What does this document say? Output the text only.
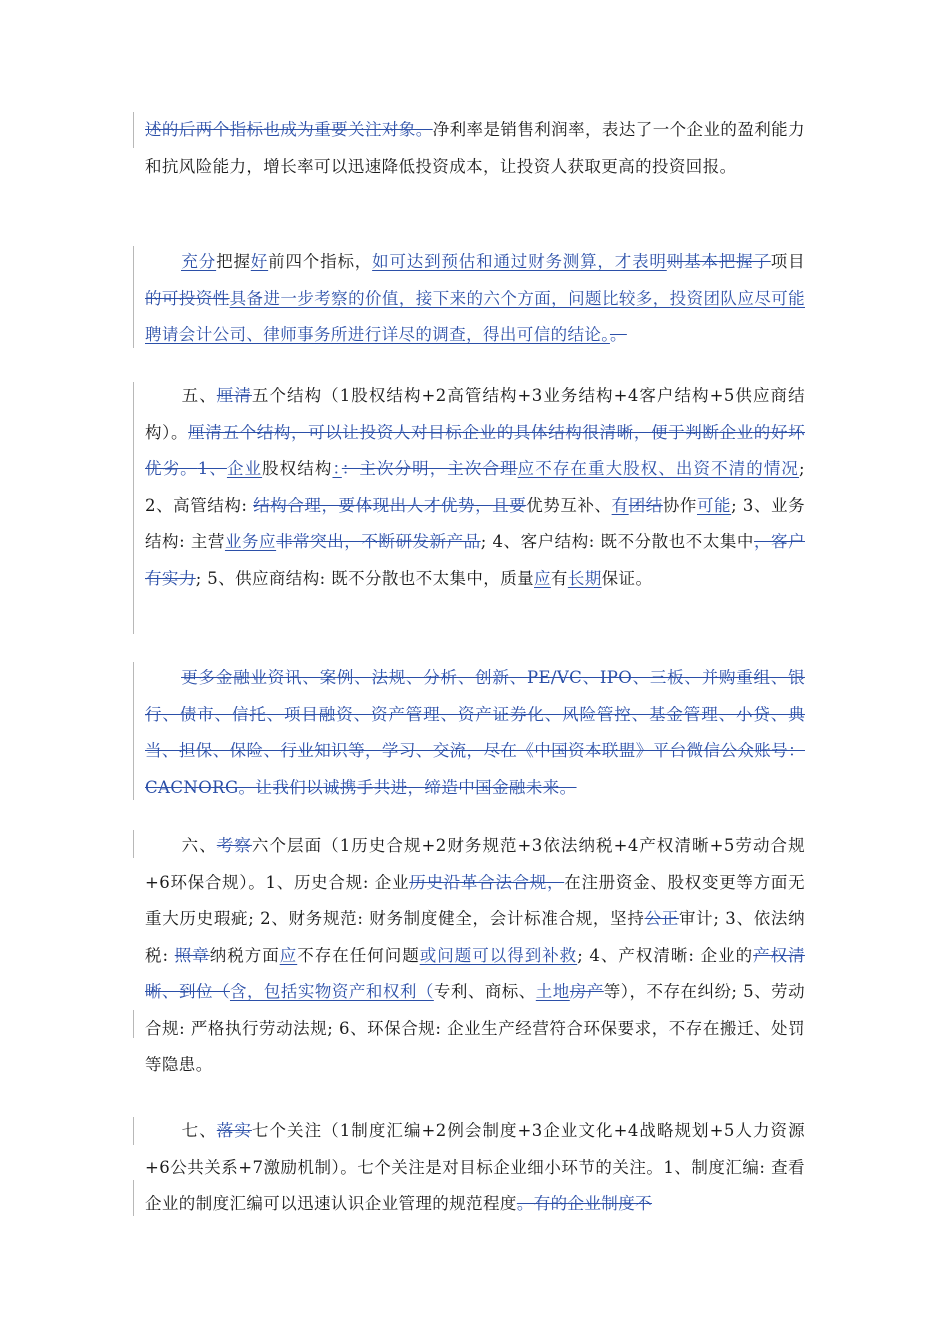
述的后两个指标也成为重要关注对象。净利率是销售利润率，表达了一个企业的盈利能力和抗风险能力，增长率可以迅速降低投资成本，让投资人获取更高的投资回报。

充分把握好前四个指标，如可达到预估和通过财务测算，才表明则基本把握了项目的可投资性具备进一步考察的价值，接下来的六个方面，问题比较多，投资团队应尽可能聘请会计公司、律师事务所进行详尽的调查，得出可信的结论。。

五、厘清五个结构（1股权结构+2高管结构+3业务结构+4客户结构+5供应商结构）。厘清五个结构，可以让投资人对目标企业的具体结构很清晰，便于判断企业的好坏优劣。1、企业股权结构：：主次分明，主次合理应不存在重大股权、出资不清的情况; 2、高管结构: 结构合理，要体现出人才优势，且要优势互补、有团结协作可能; 3、业务结构: 主营业务应非常突出，不断研发新产品; 4、客户结构: 既不分散也不太集中，客户有实力; 5、供应商结构: 既不分散也不太集中，质量应有长期保证。

更多金融业资讯、案例、法规、分析、创新、PE/VC、IPO、三板、并购重组、银行、债市、信托、项目融资、资产管理、资产证券化、风险管控、基金管理、小贷、典当、担保、保险、行业知识等，学习、交流，尽在《中国资本联盟》平台微信公众账号：CACNORG。让我们以诚携手共进，缔造中国金融未来。

六、考察六个层面（1历史合规+2财务规范+3依法纳税+4产权清晰+5劳动合规+6环保合规）。1、历史合规: 企业历史沿革合法合规，在注册资金、股权变更等方面无重大历史瑕疵; 2、财务规范: 财务制度健全，会计标准合规，坚持公正审计; 3、依法纳税: 照章纳税方面应不存在任何问题或问题可以得到补救; 4、产权清晰: 企业的产权清晰、到位（含，包括实物资产和权利（专利、商标、土地房产等），不存在纠纷; 5、劳动合规: 严格执行劳动法规; 6、环保合规: 企业生产经营符合环保要求，不存在搬迁、处罚等隐患。

七、落实七个关注（1制度汇编+2例会制度+3企业文化+4战略规划+5人力资源+6公共关系+7激励机制）。七个关注是对目标企业细小环节的关注。1、制度汇编: 查看企业的制度汇编可以迅速认识企业管理的规范程度。有的企业制度不
